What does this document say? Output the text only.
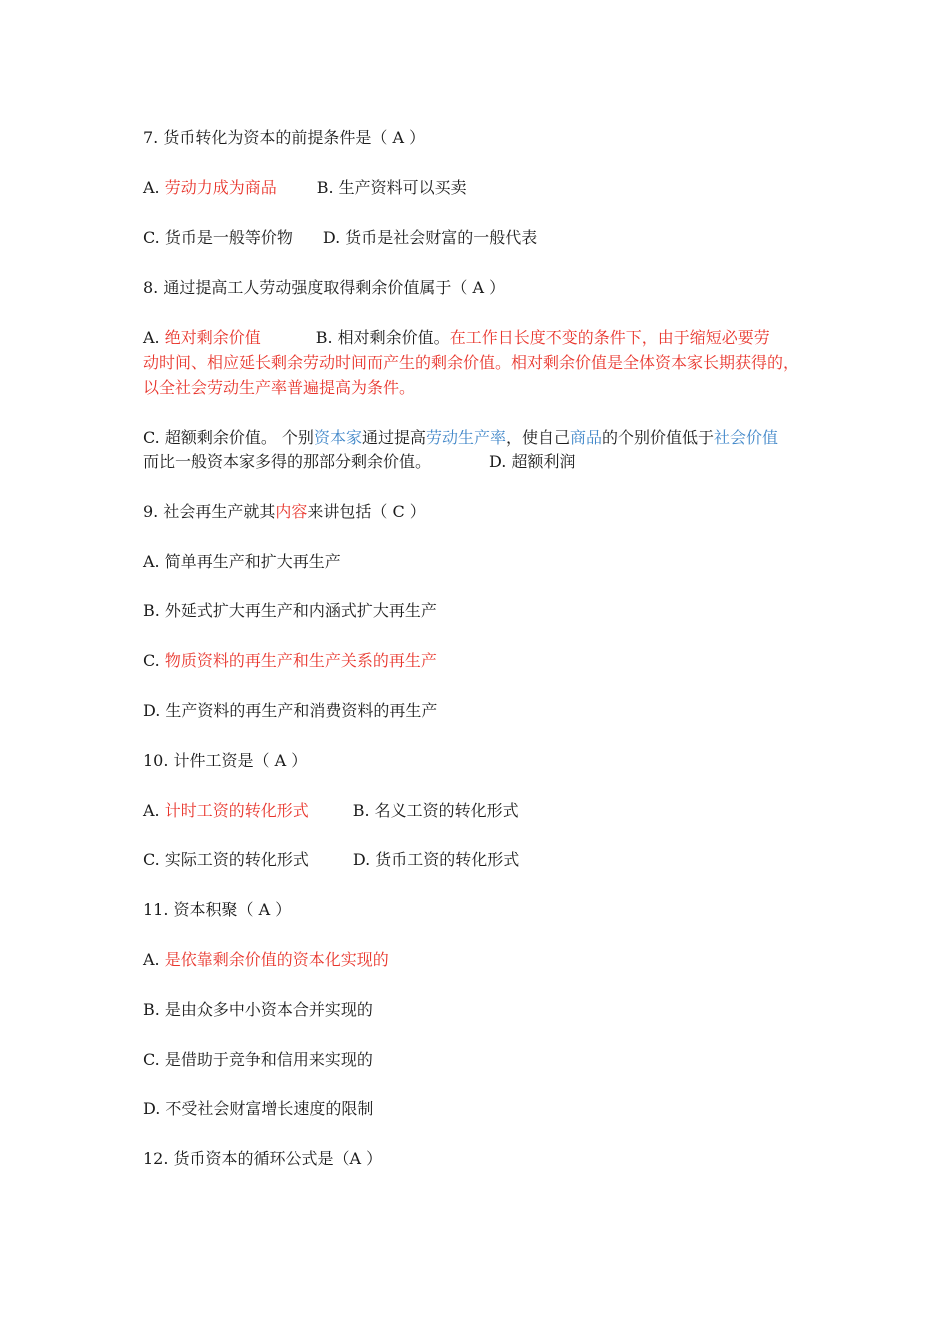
7. 货币转化为资本的前提条件是（ A ）
A. 劳动力成为商品	B. 生产资料可以买卖
C. 货币是一般等价物 D. 货币是社会财富的一般代表
8. 通过提高工人劳动强度取得剩余价值属于（ A ）
A. 绝对剩余价值	B. 相对剩余价值。在工作日长度不变的条件下，由于缩短必要劳
动时间、相应延长剩余劳动时间而产生的剩余价值。相对剩余价值是全体资本家长期获得的，
以全社会劳动生产率普遍提高为条件。
C. 超额剩余价值。 个别资本家通过提高劳动生产率，使自己商品的个别价值低于社会价值
而比一般资本家多得的那部分剩余价值。	D. 超额利润
9. 社会再生产就其内容来讲包括（ C ）
A. 简单再生产和扩大再生产
B. 外延式扩大再生产和内涵式扩大再生产
C. 物质资料的再生产和生产关系的再生产
D. 生产资料的再生产和消费资料的再生产
10. 计件工资是（ A ）
A. 计时工资的转化形式	B. 名义工资的转化形式
C. 实际工资的转化形式	D. 货币工资的转化形式
11. 资本积聚（ A ）
A. 是依靠剩余价值的资本化实现的
B. 是由众多中小资本合并实现的
C. 是借助于竞争和信用来实现的
D. 不受社会财富增长速度的限制
12. 货币资本的循环公式是（A ）
